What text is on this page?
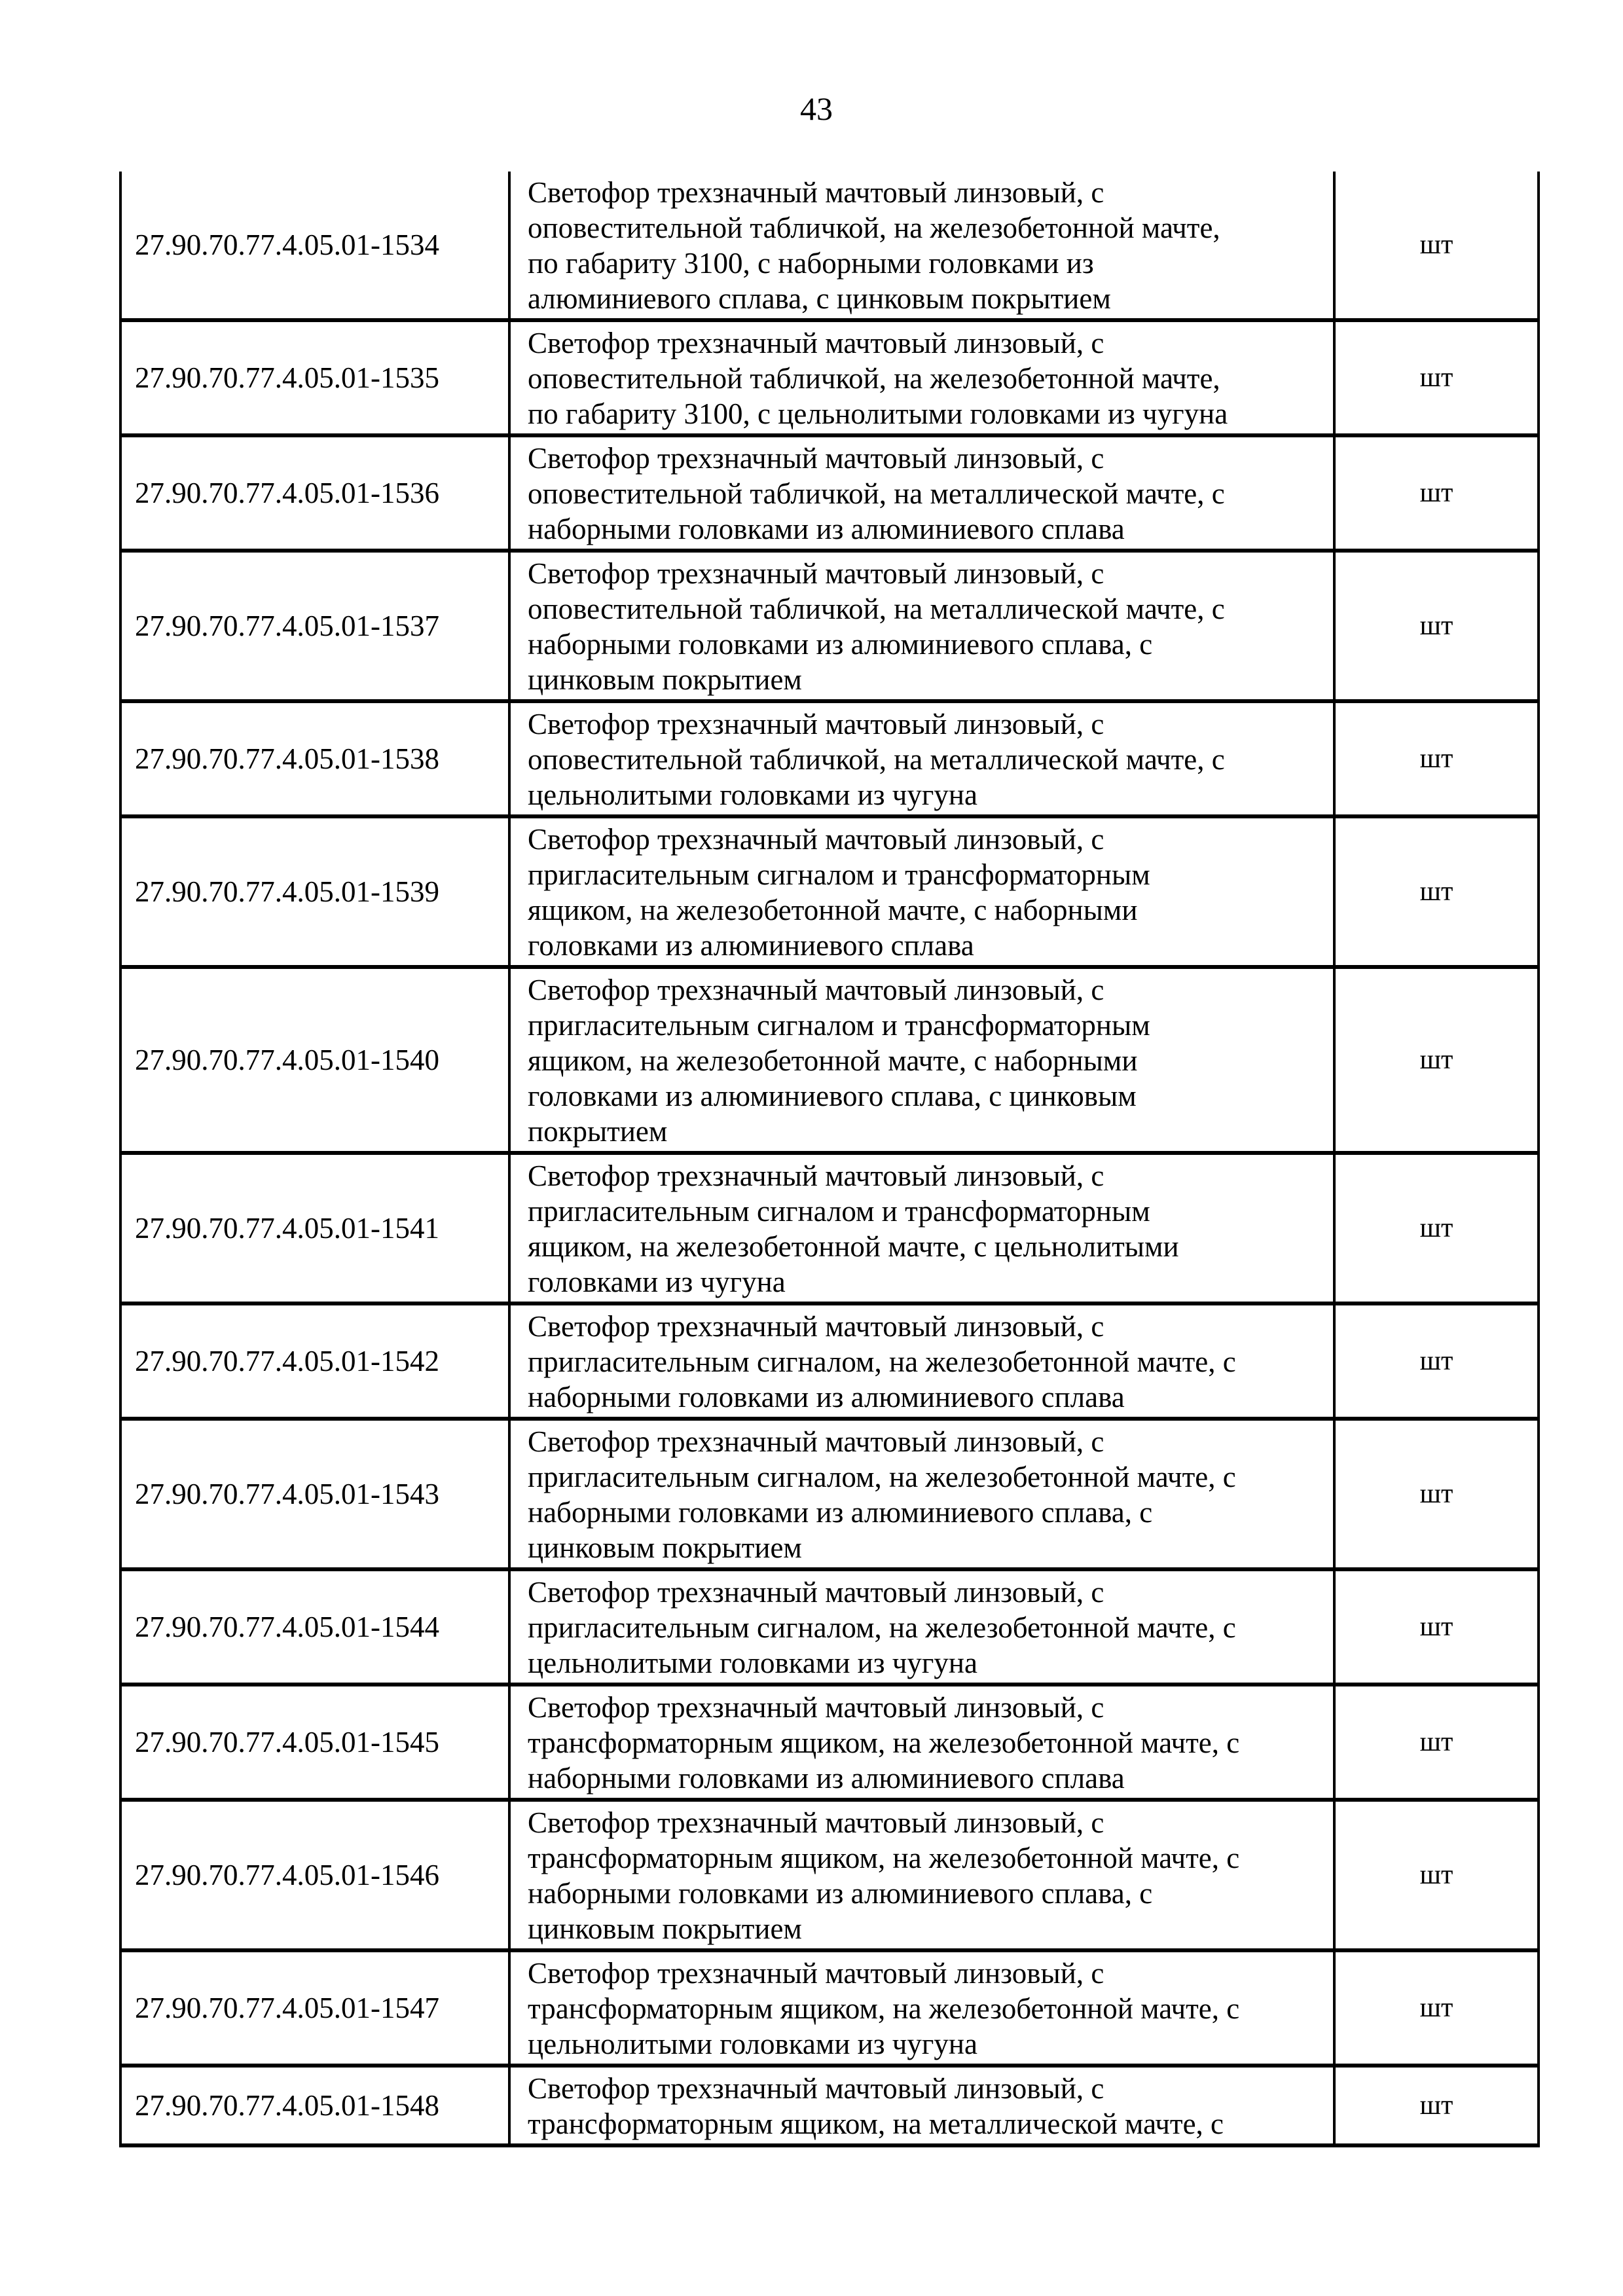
43
27.90.70.77.4.05.01-1534
Светофор трехзначный мачтовый линзовый, с
оповестительной табличкой, на железобетонной мачте,
по габариту 3100, с наборными головками из
алюминиевого сплава, с цинковым покрытием
шт
27.90.70.77.4.05.01-1535
Светофор трехзначный мачтовый линзовый, с
оповестительной табличкой, на железобетонной мачте,
по габариту 3100, с цельнолитыми головками из чугуна
шт
27.90.70.77.4.05.01-1536
Светофор трехзначный мачтовый линзовый, с
оповестительной табличкой, на металлической мачте, с
наборными головками из алюминиевого сплава
шт
27.90.70.77.4.05.01-1537
Светофор трехзначный мачтовый линзовый, с
оповестительной табличкой, на металлической мачте, с
наборными головками из алюминиевого сплава, с
цинковым покрытием
шт
27.90.70.77.4.05.01-1538
Светофор трехзначный мачтовый линзовый, с
оповестительной табличкой, на металлической мачте, с
цельнолитыми головками из чугуна
шт
27.90.70.77.4.05.01-1539
Светофор трехзначный мачтовый линзовый, с
пригласительным сигналом и трансформаторным
ящиком, на железобетонной мачте, с наборными
головками из алюминиевого сплава
шт
27.90.70.77.4.05.01-1540
Светофор трехзначный мачтовый линзовый, с
пригласительным сигналом и трансформаторным
ящиком, на железобетонной мачте, с наборными
головками из алюминиевого сплава, с цинковым
покрытием
шт
27.90.70.77.4.05.01-1541
Светофор трехзначный мачтовый линзовый, с
пригласительным сигналом и трансформаторным
ящиком, на железобетонной мачте, с цельнолитыми
головками из чугуна
шт
27.90.70.77.4.05.01-1542
Светофор трехзначный мачтовый линзовый, с
пригласительным сигналом, на железобетонной мачте, с
наборными головками из алюминиевого сплава
шт
27.90.70.77.4.05.01-1543
Светофор трехзначный мачтовый линзовый, с
пригласительным сигналом, на железобетонной мачте, с
наборными головками из алюминиевого сплава, с
цинковым покрытием
шт
27.90.70.77.4.05.01-1544
Светофор трехзначный мачтовый линзовый, с
пригласительным сигналом, на железобетонной мачте, с
цельнолитыми головками из чугуна
шт
27.90.70.77.4.05.01-1545
Светофор трехзначный мачтовый линзовый, с
трансформаторным ящиком, на железобетонной мачте, с
наборными головками из алюминиевого сплава
шт
27.90.70.77.4.05.01-1546
Светофор трехзначный мачтовый линзовый, с
трансформаторным ящиком, на железобетонной мачте, с
наборными головками из алюминиевого сплава, с
цинковым покрытием
шт
27.90.70.77.4.05.01-1547
Светофор трехзначный мачтовый линзовый, с
трансформаторным ящиком, на железобетонной мачте, с
цельнолитыми головками из чугуна
шт
27.90.70.77.4.05.01-1548
Светофор трехзначный мачтовый линзовый, с
трансформаторным ящиком, на металлической мачте, с
шт
